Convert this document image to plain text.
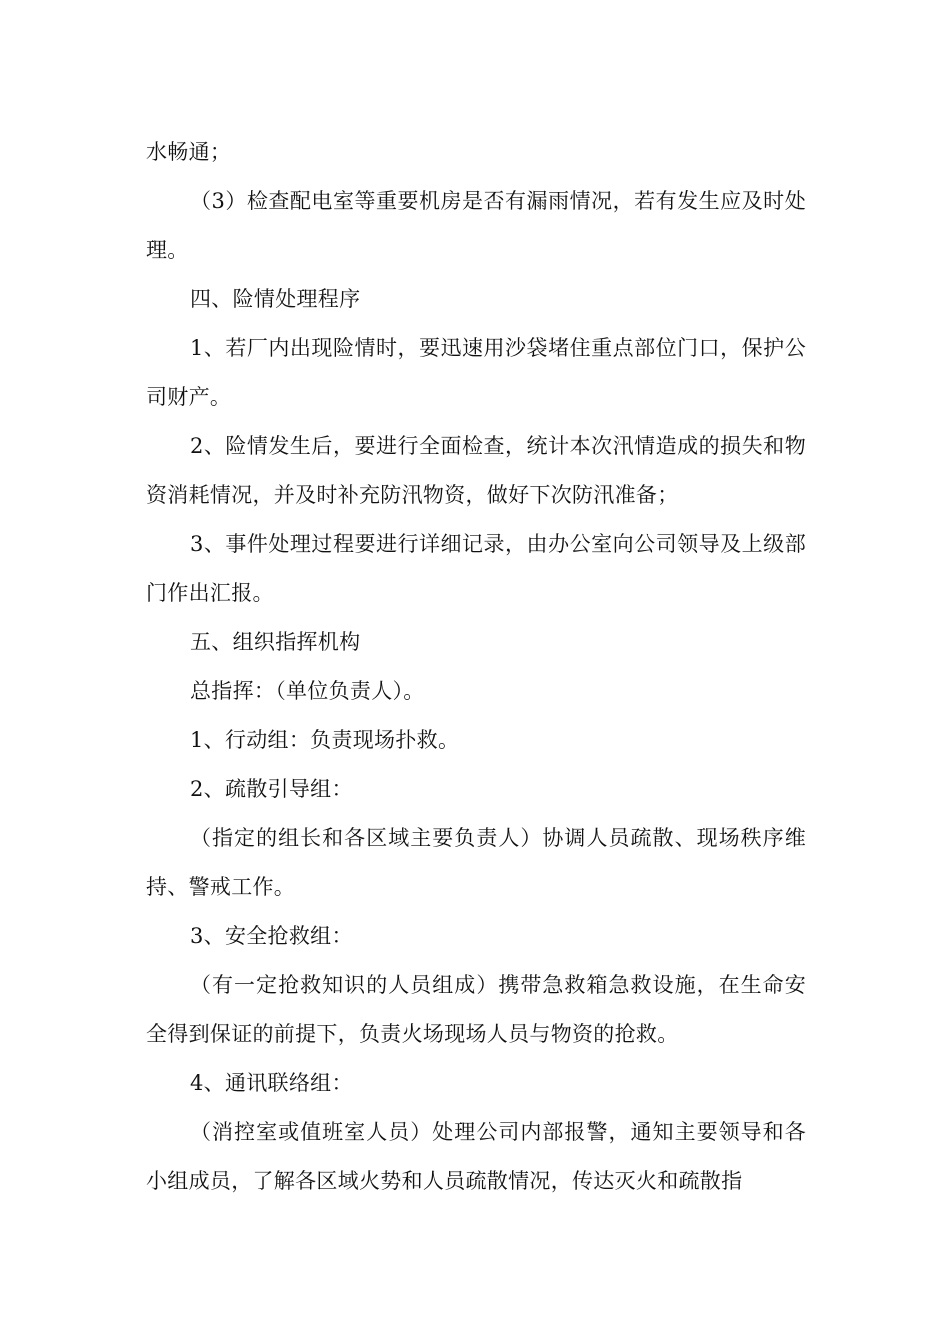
水畅通；

（3）检查配电室等重要机房是否有漏雨情况，若有发生应及时处理。

四、险情处理程序

1、若厂内出现险情时，要迅速用沙袋堵住重点部位门口，保护公司财产。

2、险情发生后，要进行全面检查，统计本次汛情造成的损失和物资消耗情况，并及时补充防汛物资，做好下次防汛准备；

3、事件处理过程要进行详细记录，由办公室向公司领导及上级部门作出汇报。

五、组织指挥机构

总指挥：（单位负责人）。

1、行动组：负责现场扑救。

2、疏散引导组：

（指定的组长和各区域主要负责人）协调人员疏散、现场秩序维持、警戒工作。

3、安全抢救组：

（有一定抢救知识的人员组成）携带急救箱急救设施，在生命安全得到保证的前提下，负责火场现场人员与物资的抢救。

4、通讯联络组：

（消控室或值班室人员）处理公司内部报警，通知主要领导和各小组成员，了解各区域火势和人员疏散情况，传达灭火和疏散指
